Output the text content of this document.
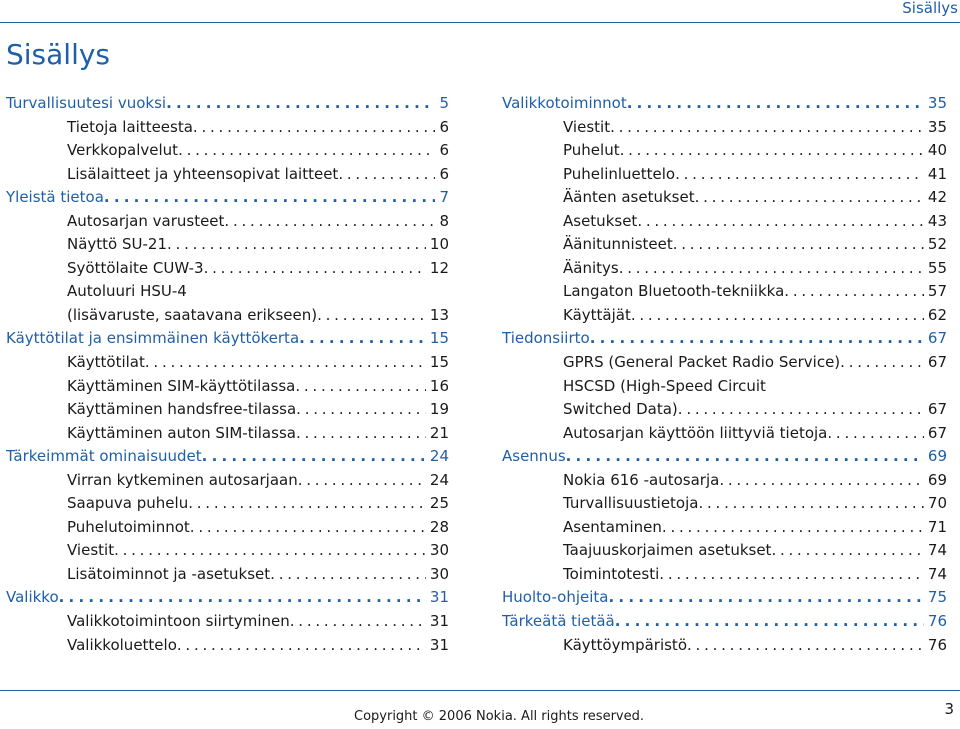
Sisällys
Sisällys
Turvallisuutesi vuoksi . . .	5
Tietoja laitteesta . . .	6
Verkkopalvelut . . .	6
Lisälaitteet ja yhteensopivat laitteet . . .	6
Yleistä tietoa . . .	7
Autosarjan varusteet . . .	8
Näyttö SU-21 . . .	10
Syöttölaite CUW-3 . . .	12
Autoluuri HSU-4
(lisävaruste, saatavana erikseen) . . .	13
Käyttötilat ja ensimmäinen käyttökerta . . .	15
Käyttötilat . . .	15
Käyttäminen SIM-käyttötilassa . . .	16
Käyttäminen handsfree-tilassa . . .	19
Käyttäminen auton SIM-tilassa . . .	21
Tärkeimmät ominaisuudet . . .	24
Virran kytkeminen autosarjaan . . .	24
Saapuva puhelu . . .	25
Puhelutoiminnot . . .	28
Viestit . . .	30
Lisätoiminnot ja -asetukset . . .	30
Valikko . . .	31
Valikkotoimintoon siirtyminen . . .	31
Valikkoluettelo . . .	31
Valikkotoiminnot . . .	35
Viestit . . .	35
Puhelut . . .	40
Puhelinluettelo . . .	41
Äänten asetukset . . .	42
Asetukset . . .	43
Äänitunnisteet . . .	52
Äänitys . . .	55
Langaton Bluetooth-tekniikka . . .	57
Käyttäjät . . .	62
Tiedonsiirto . . .	67
GPRS (General Packet Radio Service) . . .	67
HSCSD (High-Speed Circuit
Switched Data) . . .	67
Autosarjan käyttöön liittyviä tietoja . . .	67
Asennus . . .	69
Nokia 616 -autosarja . . .	69
Turvallisuustietoja . . .	70
Asentaminen . . .	71
Taajuuskorjaimen asetukset . . .	74
Toimintotesti . . .	74
Huolto-ohjeita . . .	75
Tärkeätä tietää . . .	76
Käyttöympäristö . . .	76
Copyright © 2006 Nokia. All rights reserved.	3
